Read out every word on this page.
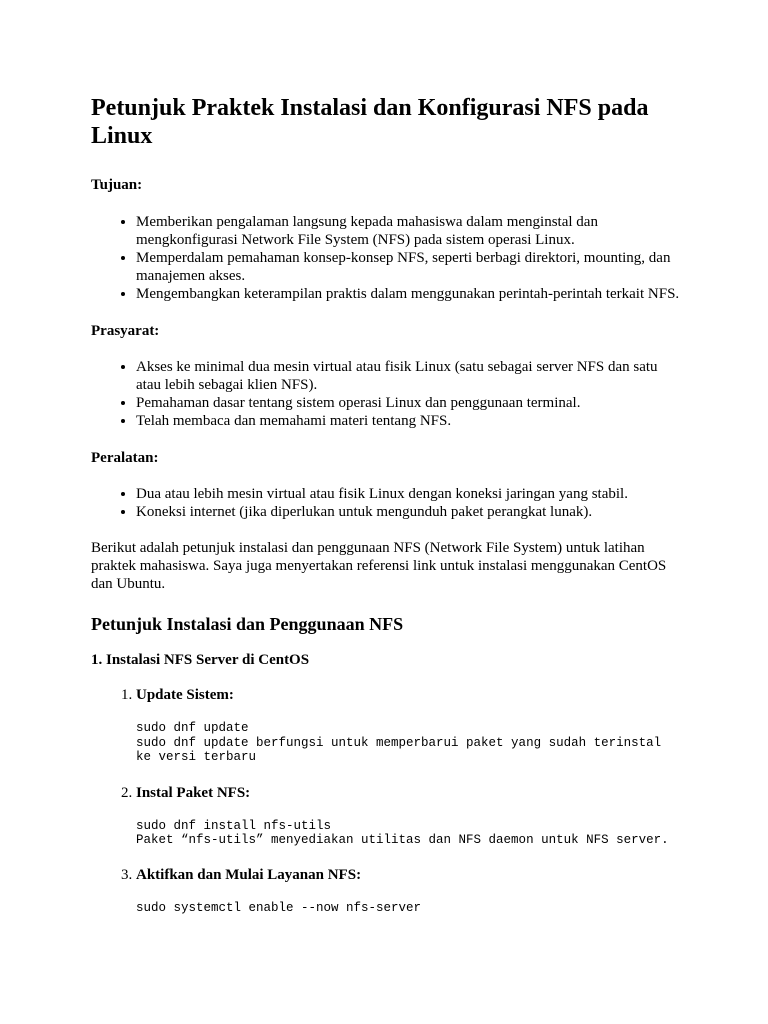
Petunjuk Praktek Instalasi dan Konfigurasi NFS pada Linux

Tujuan:

• Memberikan pengalaman langsung kepada mahasiswa dalam menginstal dan mengkonfigurasi Network File System (NFS) pada sistem operasi Linux.
• Memperdalam pemahaman konsep-konsep NFS, seperti berbagi direktori, mounting, dan manajemen akses.
• Mengembangkan keterampilan praktis dalam menggunakan perintah-perintah terkait NFS.

Prasyarat:

• Akses ke minimal dua mesin virtual atau fisik Linux (satu sebagai server NFS dan satu atau lebih sebagai klien NFS).
• Pemahaman dasar tentang sistem operasi Linux dan penggunaan terminal.
• Telah membaca dan memahami materi tentang NFS.

Peralatan:

• Dua atau lebih mesin virtual atau fisik Linux dengan koneksi jaringan yang stabil.
• Koneksi internet (jika diperlukan untuk mengunduh paket perangkat lunak).

Berikut adalah petunjuk instalasi dan penggunaan NFS (Network File System) untuk latihan praktek mahasiswa. Saya juga menyertakan referensi link untuk instalasi menggunakan CentOS dan Ubuntu.

Petunjuk Instalasi dan Penggunaan NFS

1. Instalasi NFS Server di CentOS

1. Update Sistem:
sudo dnf update
sudo dnf update berfungsi untuk memperbarui paket yang sudah terinstal
ke versi terbaru
2. Instal Paket NFS:
sudo dnf install nfs-utils
Paket “nfs-utils” menyediakan utilitas dan NFS daemon untuk NFS server.
3. Aktifkan dan Mulai Layanan NFS:
sudo systemctl enable --now nfs-server
